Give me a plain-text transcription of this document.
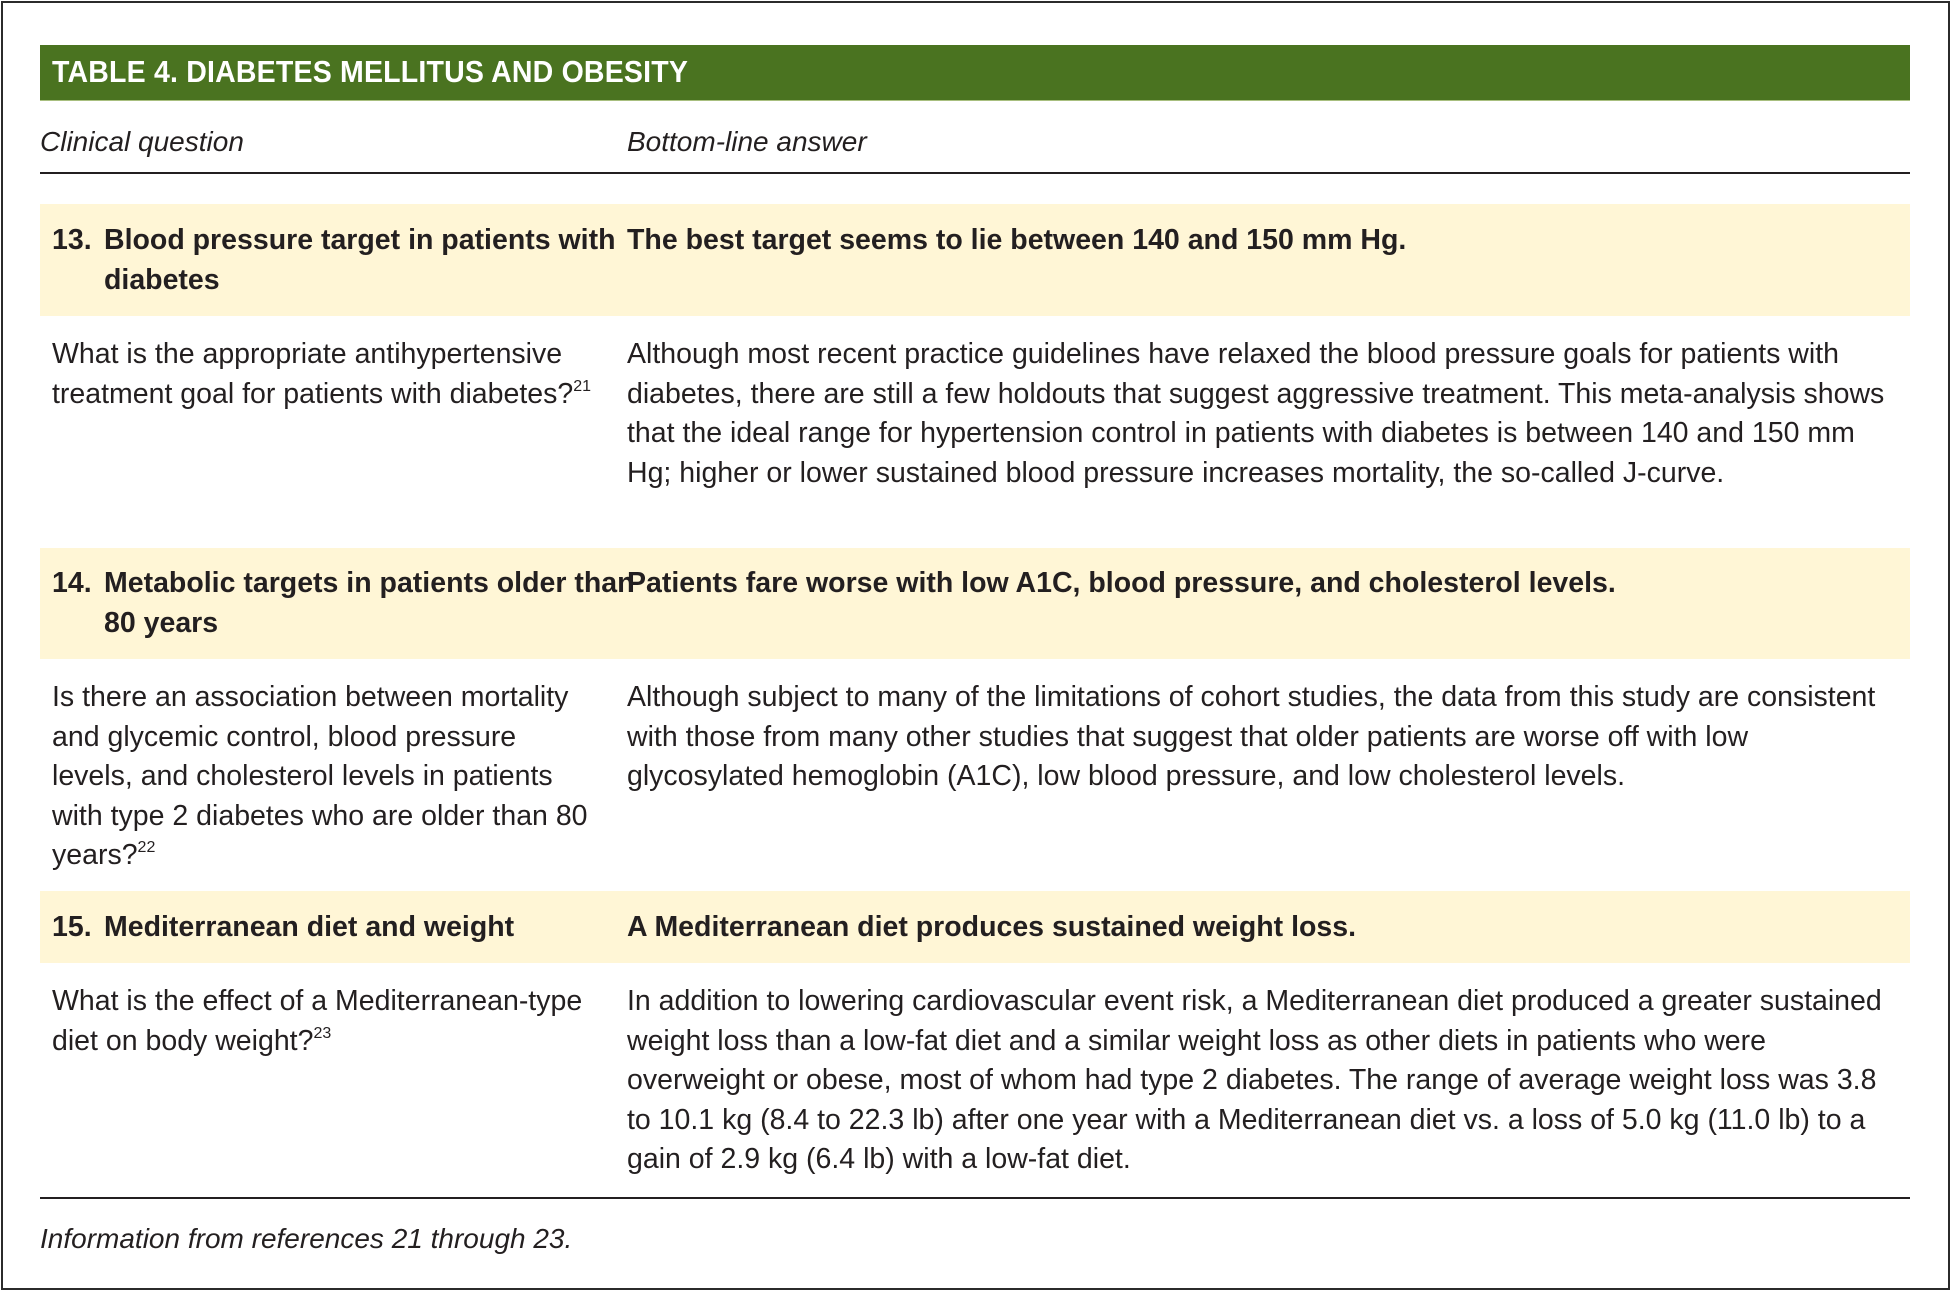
TABLE 4. DIABETES MELLITUS AND OBESITY
Clinical question	Bottom-line answer
13. Blood pressure target in patients with diabetes
The best target seems to lie between 140 and 150 mm Hg.
What is the appropriate antihypertensive treatment goal for patients with diabetes?$^{21}$
Although most recent practice guidelines have relaxed the blood pressure goals for patients with diabetes, there are still a few holdouts that suggest aggressive treatment. This meta-analysis shows that the ideal range for hypertension control in patients with diabetes is between 140 and 150 mm Hg; higher or lower sustained blood pressure increases mortality, the so-called J-curve.
14. Metabolic targets in patients older than 80 years
Patients fare worse with low A1C, blood pressure, and cholesterol levels.
Is there an association between mortality and glycemic control, blood pressure levels, and cholesterol levels in patients with type 2 diabetes who are older than 80 years?$^{22}$
Although subject to many of the limitations of cohort studies, the data from this study are consistent with those from many other studies that suggest that older patients are worse off with low glycosylated hemoglobin (A1C), low blood pressure, and low cholesterol levels.
15. Mediterranean diet and weight	A Mediterranean diet produces sustained weight loss.
What is the effect of a Mediterranean-type diet on body weight?$^{23}$
In addition to lowering cardiovascular event risk, a Mediterranean diet produced a greater sustained weight loss than a low-fat diet and a similar weight loss as other diets in patients who were overweight or obese, most of whom had type 2 diabetes. The range of average weight loss was 3.8 to 10.1 kg (8.4 to 22.3 lb) after one year with a Mediterranean diet vs. a loss of 5.0 kg (11.0 lb) to a gain of 2.9 kg (6.4 lb) with a low-fat diet.
Information from references 21 through 23.
